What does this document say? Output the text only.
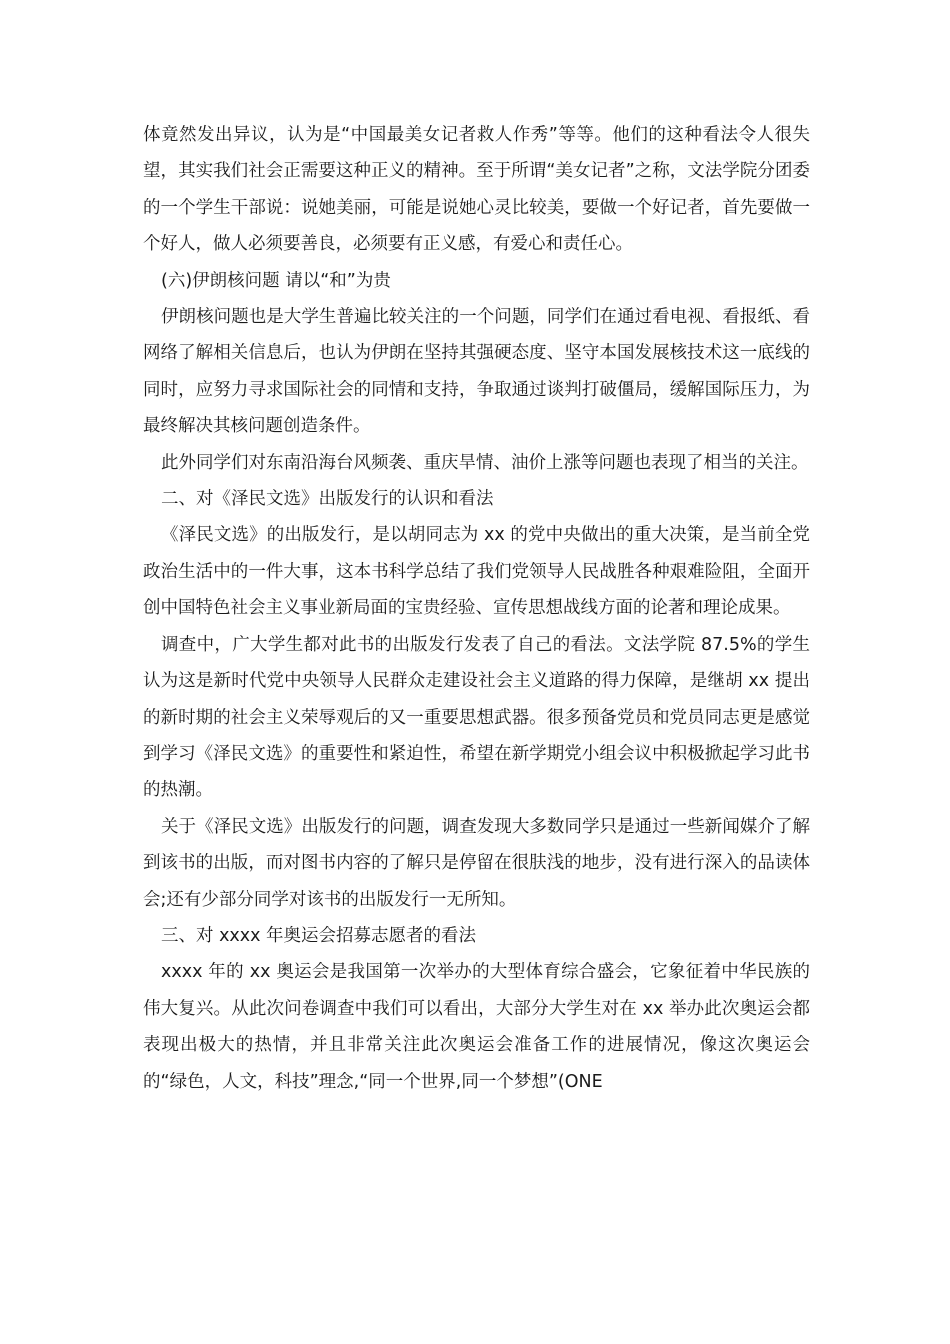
体竟然发出异议，认为是“中国最美女记者救人作秀”等等。他们的这种看法令人很失望，其实我们社会正需要这种正义的精神。至于所谓“美女记者”之称，文法学院分团委的一个学生干部说：说她美丽，可能是说她心灵比较美，要做一个好记者，首先要做一个好人，做人必须要善良，必须要有正义感，有爱心和责任心。

(六)伊朗核问题 请以“和”为贵

伊朗核问题也是大学生普遍比较关注的一个问题，同学们在通过看电视、看报纸、看网络了解相关信息后，也认为伊朗在坚持其强硬态度、坚守本国发展核技术这一底线的同时，应努力寻求国际社会的同情和支持，争取通过谈判打破僵局，缓解国际压力，为最终解决其核问题创造条件。

此外同学们对东南沿海台风频袭、重庆旱情、油价上涨等问题也表现了相当的关注。

二、对《泽民文选》出版发行的认识和看法

《泽民文选》的出版发行，是以胡同志为 xx 的党中央做出的重大决策，是当前全党政治生活中的一件大事，这本书科学总结了我们党领导人民战胜各种艰难险阻，全面开创中国特色社会主义事业新局面的宝贵经验、宣传思想战线方面的论著和理论成果。

调查中，广大学生都对此书的出版发行发表了自己的看法。文法学院 87.5%的学生认为这是新时代党中央领导人民群众走建设社会主义道路的得力保障，是继胡 xx 提出的新时期的社会主义荣辱观后的又一重要思想武器。很多预备党员和党员同志更是感觉到学习《泽民文选》的重要性和紧迫性，希望在新学期党小组会议中积极掀起学习此书的热潮。

关于《泽民文选》出版发行的问题，调查发现大多数同学只是通过一些新闻媒介了解到该书的出版，而对图书内容的了解只是停留在很肤浅的地步，没有进行深入的品读体会;还有少部分同学对该书的出版发行一无所知。

三、对 xxxx 年奥运会招募志愿者的看法

xxxx 年的 xx 奥运会是我国第一次举办的大型体育综合盛会，它象征着中华民族的伟大复兴。从此次问卷调查中我们可以看出，大部分大学生对在 xx 举办此次奥运会都表现出极大的热情，并且非常关注此次奥运会准备工作的进展情况，像这次奥运会的“绿色，人文，科技”理念,“同一个世界,同一个梦想”(ONE
